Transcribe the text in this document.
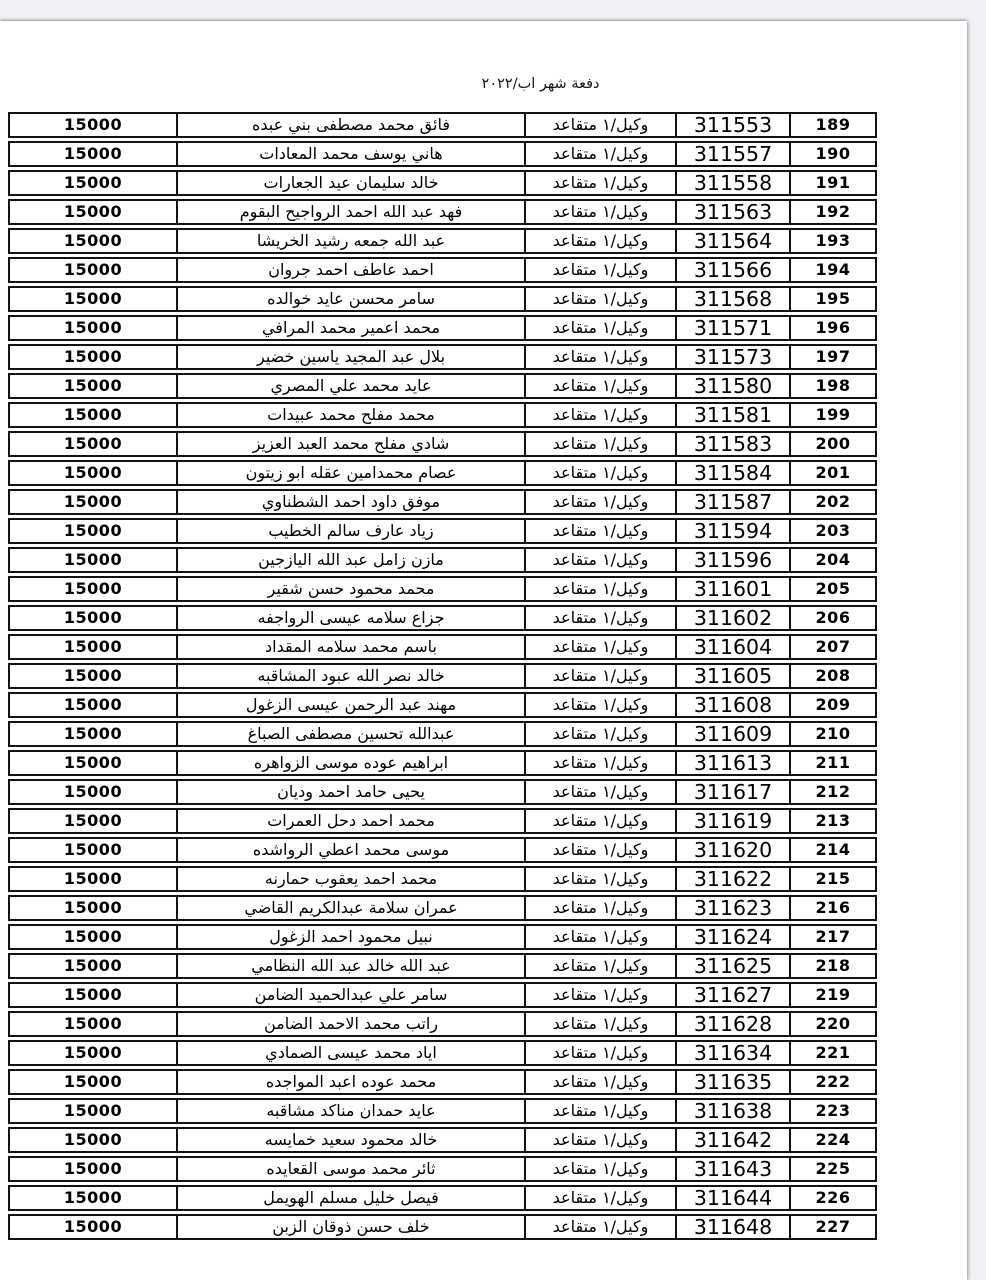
دفعة شهر اب/٢٠٢٢
189	311553	وكيل/١ متقاعد	فائق محمد مصطفى بني عبده	15000
190	311557	وكيل/١ متقاعد	هاني يوسف محمد المعادات	15000
191	311558	وكيل/١ متقاعد	خالد سليمان عيد الجعارات	15000
192	311563	وكيل/١ متقاعد	فهد عبد الله احمد الرواجيح البقوم	15000
193	311564	وكيل/١ متقاعد	عبد الله جمعه رشيد الخريشا	15000
194	311566	وكيل/١ متقاعد	احمد عاطف احمد جروان	15000
195	311568	وكيل/١ متقاعد	سامر محسن عايد خوالده	15000
196	311571	وكيل/١ متقاعد	محمد اعمير محمد المرافي	15000
197	311573	وكيل/١ متقاعد	بلال عبد المجيد ياسين خضير	15000
198	311580	وكيل/١ متقاعد	عايد محمد علي المصري	15000
199	311581	وكيل/١ متقاعد	محمد مفلح محمد عبيدات	15000
200	311583	وكيل/١ متقاعد	شادي مفلح محمد العبد العزيز	15000
201	311584	وكيل/١ متقاعد	عصام محمدامين عقله ابو زيتون	15000
202	311587	وكيل/١ متقاعد	موفق داود احمد الشطناوي	15000
203	311594	وكيل/١ متقاعد	زياد عارف سالم الخطيب	15000
204	311596	وكيل/١ متقاعد	مازن زامل عبد الله اليازجين	15000
205	311601	وكيل/١ متقاعد	محمد محمود حسن شقير	15000
206	311602	وكيل/١ متقاعد	جزاع سلامه عيسى الرواجفه	15000
207	311604	وكيل/١ متقاعد	باسم محمد سلامه المقداد	15000
208	311605	وكيل/١ متقاعد	خالد نصر الله عبود المشاقبه	15000
209	311608	وكيل/١ متقاعد	مهند عبد الرحمن عيسى الزغول	15000
210	311609	وكيل/١ متقاعد	عبدالله تحسين مصطفى الصباغ	15000
211	311613	وكيل/١ متقاعد	ابراهيم عوده موسى الزواهره	15000
212	311617	وكيل/١ متقاعد	يحيى حامد احمد وديان	15000
213	311619	وكيل/١ متقاعد	محمد احمد دحل العمرات	15000
214	311620	وكيل/١ متقاعد	موسى محمد اعطي الرواشده	15000
215	311622	وكيل/١ متقاعد	محمد احمد يعقوب حمارنه	15000
216	311623	وكيل/١ متقاعد	عمران سلامة عبدالكريم القاضي	15000
217	311624	وكيل/١ متقاعد	نبيل محمود احمد الزغول	15000
218	311625	وكيل/١ متقاعد	عبد الله خالد عبد الله النظامي	15000
219	311627	وكيل/١ متقاعد	سامر علي عبدالحميد الضامن	15000
220	311628	وكيل/١ متقاعد	راتب محمد الاحمد الضامن	15000
221	311634	وكيل/١ متقاعد	اياد محمد عيسى الصمادي	15000
222	311635	وكيل/١ متقاعد	محمد عوده اعبد المواجده	15000
223	311638	وكيل/١ متقاعد	عايد حمدان مناكد مشاقبه	15000
224	311642	وكيل/١ متقاعد	خالد محمود سعيد خمايسه	15000
225	311643	وكيل/١ متقاعد	ثائر محمد موسى القعايده	15000
226	311644	وكيل/١ متقاعد	فيصل خليل مسلم الهويمل	15000
227	311648	وكيل/١ متقاعد	خلف حسن ذوقان الزبن	15000
